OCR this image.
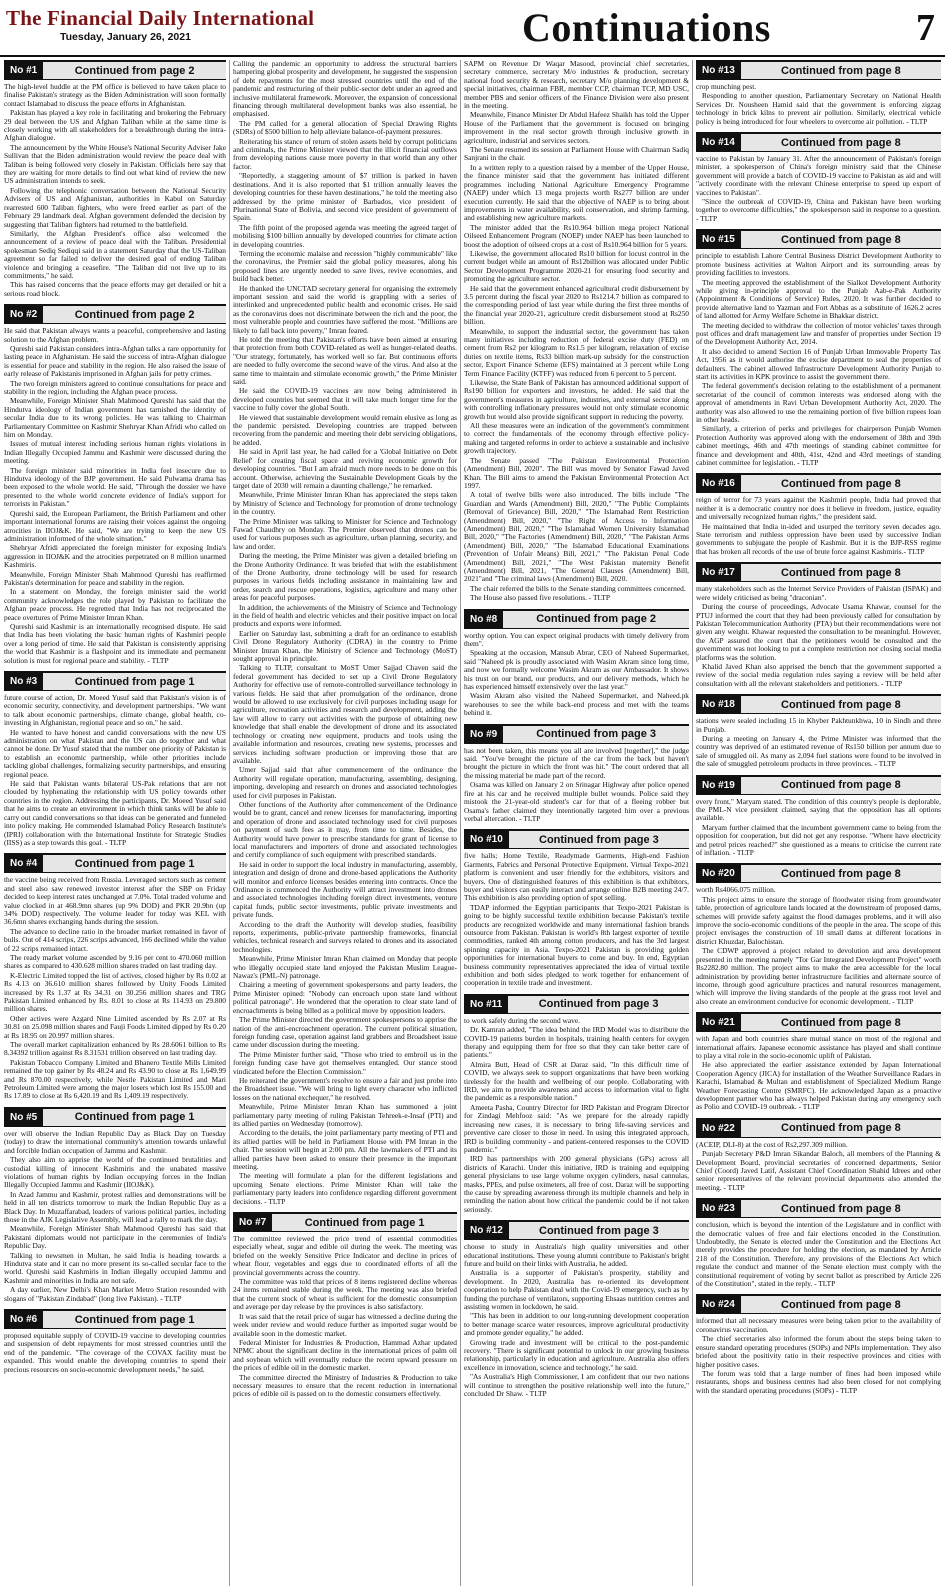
The Financial Daily International
Tuesday, January 26, 2021	Continuations	7
No #1	Continued from page 2

The high-level huddle at the PM office is believed to have taken place to finalise Pakistan's strategy as the Biden Administration will soon formally contact Islamabad to discuss the peace efforts in Afghanistan.

Pakistan has played a key role in facilitating and brokering the February 29 deal between the US and Afghan Taliban while at the same time is closely working with all stakeholders for a breakthrough during the intra-Afghan dialogue.

The announcement by the White House's National Security Adviser Jake Sullivan that the Biden administration would review the peace deal with Taliban is being followed very closely in Pakistan. Officials here say that they are waiting for more details to find out what kind of review the new US administration intends to seek.

Following the telephonic conversation between the National Security Advisers of US and Afghanistan, authorities in Kabul on Saturday rearrested 600 Taliban fighters, who were freed earlier as part of the February 29 landmark deal. Afghan government defended the decision by suggesting that Taliban fighters had returned to the battlefield.

Similarly, the Afghan President's office also welcomed the announcement of a review of peace deal with the Taliban. Presidential spokesman Sediq Sediqqi said in a statement Saturday that the US-Taliban agreement so far failed to deliver the desired goal of ending Taliban violence and bringing a ceasefire. "The Taliban did not live up to its commitments," he said.

This has raised concerns that the peace efforts may get derailed or hit a serious road block.

No #2	Continued from page 2

He said that Pakistan always wants a peaceful, comprehensive and lasting solution to the Afghan problem.

Qureshi said Pakistan considers intra-Afghan talks a rare opportunity for lasting peace in Afghanistan. He said the success of intra-Afghan dialogue is essential for peace and stability in the region. He also raised the issue of early release of Pakistanis imprisoned in Afghan jails for petty crimes.

The two foreign ministers agreed to continue consultations for peace and stability in the region, including the Afghan peace process.

Meanwhile, Foreign Minister Shah Mahmood Qureshi has said that the Hindutva ideology of Indian government has tarnished the identity of secular India due to its wrong policies. He was talking to Chairman Parliamentary Committee on Kashmir Shehryar Khan Afridi who called on him on Monday.

Issues of mutual interest including serious human rights violations in Indian Illegally Occupied Jammu and Kashmir were discussed during the meeting.

The foreign minister said minorities in India feel insecure due to Hindutva ideology of the BJP government. He said Pulwama drama has been exposed to the whole world. He said, "Through the dossier we have presented to the whole world concrete evidence of India's support for terrorists in Pakistan."

Qureshi said, the European Parliament, the British Parliament and other important international forums are raising their voices against the ongoing atrocities in IIOJ&K. He said, "We are trying to keep the new US administration informed of the whole situation."

Shehryar Afridi appreciated the foreign minister for exposing India's aggression in IIOJ&K and the atrocities perpetrated on 8 million unarmed Kashmiris.

Meanwhile, Foreign Minister Shah Mahmood Qureshi has reaffirmed Pakistan's determination for peace and stability in the region.

In a statement on Monday, the foreign minister said the world community acknowledges the role played by Pakistan to facilitate the Afghan peace process. He regretted that India has not reciprocated the peace overtures of Prime Minister Imran Khan.

Qureshi said Kashmir is an internationally recognised dispute. He said that India has been violating the basic human rights of Kashmiri people over a long period of time. He said that Pakistan is consistently apprising the world that Kashmir is a flashpoint and its immediate and permanent solution is must for regional peace and stability. - TLTP

No #3	Continued from page 1

future course of action, Dr. Moeed Yusuf said that Pakistan's vision is of economic security, connectivity, and development partnerships. "We want to talk about economic partnerships, climate change, global health, co-investing in Afghanistan, regional peace and so on," he said.

He wanted to have honest and candid conversations with the new US administration on what Pakistan and the US can do together and what cannot be done. Dr Yusuf stated that the number one priority of Pakistan is to establish an economic partnership, while other priorities include tackling global challenges, formalizing security partnerships, and ensuring regional peace.

He said that Pakistan wants bilateral US-Pak relations that are not clouded by hyphenating the relationship with US policy towards other countries in the region. Addressing the participants, Dr. Moeed Yusuf said that he aims to create an environment in which think tanks will be able to carry out candid conversations so that ideas can be generated and funneled into policy making. He commended Islamabad Policy Research Institute's (IPRI) collaboration with the International Institute for Strategic Studies (IISS) as a step towards this goal. - TLTP

No #4	Continued from page 1

the vaccine being received from Russia. Leveraged sectors such as cement and steel also saw renewed investor interest after the SBP on Friday decided to keep interest rates unchanged at 7.0%. Total traded volume and value clocked in at 468.9mn shares (up 9% DOD) and PKR 20.9bn (up 34% DOD) respectively. The volume leader for today was KEL with 36.6mn shares exchanging hands during the session.

The advance to decline ratio in the broader market remained in favor of bulls. Out of 414 scrips, 226 scrips advanced, 166 declined while the value of 22 scrips remained intact.

The ready market volume ascended by 9.16 per cent to 470.060 million shares as compared to 430.628 million shares traded on last trading day.

K-Electric Limited topped the list of actives, closed higher by Rs 0.02 at Rs 4.13 on 36.610 million shares followed by Unity Foods Limited increased by Rs 1.37 at Rs 34.31 on 30.256 million shares and TRG Pakistan Limited enhanced by Rs. 8.01 to close at Rs 114.93 on 29.800 million shares.

Other actives were Azgard Nine Limited ascended by Rs 2.07 at Rs 30.81 on 25.098 million shares and Fauji Foods Limited dipped by Rs 0.20 at Rs 18.95 on 20.997 million shares.

The overall market capitalization enhanced by Rs 28.6061 billion to Rs 8.34392 trillion against Rs 8.31531 trillion observed on last trading day.

Pakistan Tobacco Company Limited and Bhanero Textile Mills Limited remained the top gainer by Rs 48.24 and Rs 43.90 to close at Rs 1,649.99 and Rs 870.00 respectively, while Nestle Pakistan Limited and Mari Petroleum Limited were among the major losers which lost Rs 155.00 and Rs 17.89 to close at Rs 6,420.19 and Rs 1,409.19 respectively.

No #5	Continued from page 1

over will observe the Indian Republic Day as Black Day on Tuesday (today) to draw the international community's attention towards unlawful and forcible Indian occupation of Jammu and Kashmir.

They also aim to apprise the world of the continued brutalities and custodial killing of innocent Kashmiris and the unabated massive violations of human rights by Indian occupying forces in the Indian Illegally Occupied Jammu and Kashmir (IIOJ&K).

In Azad Jammu and Kashmir, protest rallies and demonstrations will be held in all ten districts tomorrow to mark the Indian Republic Day as a Black Day. In Muzaffarabad, leaders of various political parties, including those in the AJK Legislative Assembly, will lead a rally to mark the day.

Meanwhile, Foreign Minister Shah Mahmood Qureshi has said that Pakistani diplomats would not participate in the ceremonies of India's Republic Day.

Talking to newsmen in Multan, he said India is heading towards a Hindutva state and it can no more present its so-called secular face to the world. Qureshi said Kashmiris in Indian illegally occupied Jammu and Kashmir and minorities in India are not safe.

A day earlier, New Delhi's Khan Market Metro Station resounded with slogans of "Pakistan Zindabad" (long live Pakistan). - TLTP

No #6	Continued from page 1

proposed equitable supply of COVID-19 vaccine to developing countries and suspension of debt repayments for most stressed countries until the end of the pandemic. "The coverage of the COVAX facility must be expanded. This would enable the developing countries to spend their precious resources on socio-economic development needs," he said.

Calling the pandemic an opportunity to address the structural barriers hampering global prosperity and development, he suggested the suspension of debt repayments for the most stressed countries until the end of the pandemic and restructuring of their public-sector debt under an agreed and inclusive multilateral framework. Moreover, the expansion of concessional financing through multilateral development banks was also essential, he emphasised.

The PM called for a general allocation of Special Drawing Rights (SDRs) of $500 billion to help alleviate balance-of-payment pressures.

Reiterating his stance of return of stolen assets held by corrupt politicians and criminals, the Prime Minister viewed that the illicit financial outflows from developing nations cause more poverty in that world than any other factor.

"Reportedly, a staggering amount of $7 trillion is parked in haven destinations. And it is also reported that $1 trillion annually leaves the developing countries for these haven destinations," he told the meeting also addressed by the prime minister of Barbados, vice president of Plurinational State of Bolivia, and second vice president of government of Spain.

The fifth point of the proposed agenda was meeting the agreed target of mobilising $100 billion annually by developed countries for climate action in developing countries.

Terming the economic malaise and recession "highly communicable" like the coronavirus, the Premier said the global policy measures, along his proposed lines are urgently needed to save lives, revive economies, and build back better.

He thanked the UNCTAD secretary general for organising the extremely important session and said the world is grappling with a series of interlinked and unprecedented public health and economic crises. He said as the coronavirus does not discriminate between the rich and the poor, the most vulnerable people and countries have suffered the most. "Millions are likely to fall back into poverty," Imran feared.

He told the meeting that Pakistan's efforts have been aimed at ensuring that protection from both COVID-related as well as hunger-related deaths. "Our strategy, fortunately, has worked well so far. But continuous efforts are needed to fully overcome the second wave of the virus. And also at the same time to maintain and stimulate economic growth," the Prime Minister said.

He said the COVID-19 vaccines are now being administered in developed countries but seemed that it will take much longer time for the vaccine to fully cover the global South.

He viewed that sustainable development would remain elusive as long as the pandemic persisted. Developing countries are trapped between recovering from the pandemic and meeting their debt servicing obligations, he added.

He said in April last year, he had called for a 'Global Initiative on Debt Relief' for creating fiscal space and reviving economic growth for developing countries. "But I am afraid much more needs to be done on this account. Otherwise, achieving the Sustainable Development Goals by the target date of 2030 will remain a daunting challenge," he remarked.

Meanwhile, Prime Minister Imran Khan has appreciated the steps taken by Ministry of Science and Technology for promotion of drone technology in the country.

The Prime Minister was talking to Minister for Science and Technology Fawad Chaudhry on Monday. The Premier observed that drones can be used for various purposes such as agriculture, urban planning, security, and law and order.

During the meeting, the Prime Minister was given a detailed briefing on the Drone Authority Ordinance. It was briefed that with the establishment of the Drone Authority, drone technology will be used for research purposes in various fields including assistance in maintaining law and order, search and rescue operations, logistics, agriculture and many other areas for peaceful purposes.

In addition, the achievements of the Ministry of Science and Technology in the field of health and electric vehicles and their positive impact on local products and exports were informed.

Earlier on Saturday last, submitting a draft for an ordinance to establish Civil Drone Regulatory Authority (CDRA) in the country to Prime Minister Imran Khan, the Ministry of Science and Technology (MoST) sought approval in principle.

Talking to TLTP, consultant to MoST Umer Sajjad Chaven said the federal government has decided to set up a Civil Drone Regulatory Authority for effective use of remote-controlled surveillance technology in various fields. He said that after promulgation of the ordinance, drone would be allowed to use exclusively for civil purposes including usage for agriculture, recreation activities and research and development, adding the law will allow to carry out activities with the purpose of obtaining new knowledge that shall enable the development of drone and its associated technology or creating new equipment, products and tools using the available information and resources, creating new systems, processes and services including software production or improving those that are available.

Umer Sajjad said that after commencement of the ordinance the Authority will regulate operation, manufacturing, assembling, designing, importing, developing and research on drones and associated technologies used for civil purposes in Pakistan.

Other functions of the Authority after commencement of the Ordinance would be to grant, cancel and renew licenses for manufacturing, importing and operation of drone and associated technology used for civil purposes on payment of such fees as it may, from time to time. Besides, the Authority would have power to prescribe standards for grant of license to local manufacturers and importers of drone and associated technologies and certify compliance of such equipment with prescribed standards.

He said in order to support the local industry in manufacturing, assembly, integration and design of drone and drone-based applications the Authority will monitor and enforce licenses besides entering into contracts. Once the Ordinance is commenced the Authority will attract investment into drones and associated technologies including foreign direct investments, venture capital funds, public sector investments, public private investments and private funds.

According to the draft the Authority will develop studies, feasibility reports, experiments, public-private partnership frameworks, financial vehicles, technical research and surveys related to drones and its associated technologies.

Meanwhile, Prime Minister Imran Khan claimed on Monday that people who illegally occupied state land enjoyed the Pakistan Muslim League-Nawaz's (PML-N) patronage.

Chairing a meeting of government spokespersons and party leaders, the Prime Minister opined: "Nobody can encroach upon state land without political patronage". He wondered that the operation to clear state land of encroachments is being billed as a political move by opposition leaders.

The Prime Minister directed the government spokespersons to apprise the nation of the anti-encroachment operation. The current political situation, foreign funding case, operation against land grabbers and Broadsheet issue came under discussion during the meeting.

The Prime Minister further said, "Those who tried to embroil us in the foreign funding case have got themselves entangled. Our stance stood vindicated before the Election Commission."

He reiterated the government's resolve to ensure a fair and just probe into the Broadsheet issue. "We will bring to light every character who inflicted losses on the national exchequer," he resolved.

Meanwhile, Prime Minister Imran Khan has summoned a joint parliamentary party meeting of ruling Pakistan Tehreek-e-Insaf (PTI) and its allied parties on Wednesday (tomorrow).

According to the details, the joint parliamentary party meeting of PTI and its allied parties will be held in Parliament House with PM Imran in the chair. The session will begin at 2:00 pm. All the lawmakers of PTI and its allied parties have been asked to ensure their presence in the important meeting.

The meeting will formulate a plan for the different legislations and upcoming Senate elections. Prime Minister Khan will take the parliamentary party leaders into confidence regarding different government decisions. - TLTP

No #7	Continued from page 1

The committee reviewed the price trend of essential commodities especially wheat, sugar and edible oil during the week. The meeting was briefed on the weekly Sensitive Price Indicator and decline in prices of wheat flour, vegetables and eggs due to coordinated efforts of all the provincial governments across the country.

The committee was told that prices of 8 items registered decline whereas 24 items remained stable during the week. The meeting was also briefed that the current stock of wheat is sufficient for the domestic consumption and average per day release by the provinces is also satisfactory.

It was said that the retail price of sugar has witnessed a decline during the week under review and would reduce further as imported sugar would be available soon in the domestic market.

Federal Minister for Industries & Production, Hammad Azhar updated NPMC about the significant decline in the international prices of palm oil and soybean which will eventually reduce the recent upward pressure on the prices of edible oil in the domestic market.

The committee directed the Ministry of Industries & Production to take necessary measures to ensure that the recent reduction in international prices of edible oil is passed on to the domestic consumers effectively.

SAPM on Revenue Dr Waqar Masood, provincial chief secretaries, secretary commerce, secretary M/o industries & production, secretary national food security & research, secretary M/o planning development & special initiatives, chairman FBR, member CCP, chairman TCP, MD USC, member PBS and senior officers of the Finance Division were also present in the meeting.

Meanwhile, Finance Minister Dr Abdul Hafeez Shaikh has told the Upper House of the Parliament that the government is focused on bringing improvement in the real sector growth through inclusive growth in agriculture, industrial and services sectors.

The Senate resumed its session at Parliament House with Chairman Sadiq Sanjrani in the chair.

In a written reply to a question raised by a member of the Upper House, the finance minister said that the government has initiated different programmes including National Agriculture Emergency Programme (NAEP) under which 13 mega projects worth Rs277 billion are under execution currently. He said that the objective of NAEP is to bring about improvements in water availability, soil conservation, and shrimp farming, and establishing new agriculture markets.

The minister added that the Rs10.964 billion mega project National Oilseed Enhancement Program (NOEP) under NAEP has been launched to boost the adoption of oilseed crops at a cost of Rs10.964 billion for 5 years.

Likewise, the government allocated Rs10 billion for locust control in the current budget while an amount of Rs12billion was allocated under Public Sector Development Programme 2020-21 for ensuring food security and promoting the agriculture sector.

He said that the government enhanced agricultural credit disbursement by 3.5 percent during the fiscal year 2020 to Rs1214.7 billion as compared to the corresponding period of last year while during the first three months of the financial year 2020-21, agriculture credit disbursement stood at Rs250 billion.

Meanwhile, to support the industrial sector, the government has taken many initiatives including reduction of federal excise duty (FED) on cement from Rs2 per kilogram to Rs1.5 per kilogram, relaxation of excise duties on textile items, Rs33 billion mark-up subsidy for the construction sector, Export Finance Scheme (EFS) maintained at 3 percent while Long Term Finance Facility (KTFF) was reduced from 6 percent to 5 percent.

Likewise, the State Bank of Pakistan has announced additional support of Rs190 billion for exporters and investors, he added. He said that the government's measures in agriculture, industries, and external sector along with controlling inflationary pressures would not only stimulate economic growth but would also provide significant support in reducing the poverty.

All these measures were an indication of the government's commitment to correct the fundamentals of the economy through effective policy-making and targeted reforms in order to achieve a sustainable and inclusive growth trajectory.

The Senate passed "The Pakistan Environmental Protection (Amendment) Bill, 2020". The Bill was moved by Senator Fawad Javed Khan. The Bill aims to amend the Pakistan Environmental Protection Act 1997.

A total of twelve bills were also introduced. The bills include "The Guardian and Wards (Amendment) Bill, 2020," "The Public Complaints (Removal of Grievance) Bill, 2020," "The Islamabad Rent Restriction (Amendment) Bill, 2020," "The Right of Access to Information (Amendment) Bill, 2020," "The Islamabad Women University Islamabad Bill, 2020," "The Factories (Amendment) Bill, 2020," "The Pakistan Arms (Amendment) Bill, 2020," "The Islamabad Educational Examinations (Prevention of Unfair Means) Bill, 2021," "The Pakistan Penal Code (Amendment) Bill, 2021," "The West Pakistan maternity Benefit (Amendment) Bill, 2021, "The General Clauses (Amendment) Bill, 2021"and "The criminal laws (Amendment) Bill, 2020.

The chair referred the bills to the Senate standing committees concerned.

The House also passed five resolutions. - TLTP

No #8	Continued from page 2

worthy option. You can expect original products with timely delivery from them".

Speaking at the occasion, Mansub Abrar, CEO of Naheed Supermarket, said "Naheed pk is proudly associated with Wasim Akram since long time, and now we formally welcome Wasim Akram as our Ambassador. It shows his trust on our brand, our products, and our delivery methods, which he has experienced himself extensively over the last year."

Wasim Akram also visited the Naheed Supermarket, and Naheed.pk warehouses to see the while back-end process and met with the teams behind it.

No #9	Continued from page 3

has not been taken, this means you all are involved [together]," the judge said. "You've brought the picture of the car from the back but haven't brought the picture in which the front was hit." The court ordered that all the missing material be made part of the record.

Osama was killed on January 2 on Srinagar Highway after police opened fire at his car and he received multiple bullet wounds. Police said they mistook the 21-year-old student's car for that of a fleeing robber but Osama's father claimed they intentionally targeted him over a previous verbal altercation. - TLTP

No #10	Continued from page 3

five halls; Home Textile, Readymade Garments, High-end Fashion Garments, Fabrics and Personal Protective Equipment. Virtual Texpo-2021 platform is convenient and user friendly for the exhibitors, visitors and buyers. One of distinguished features of this exhibition is that exhibitors, buyer and visitors can easily interact and arrange online B2B meeting 24/7. This exhibition is also providing option of spot selling.

TDAP informed the Egyptian participants that Texpo-2021 Pakistan is going to be highly successful textile exhibition because Pakistan's textile products are recognized worldwide and many international fashion brands outsource from Pakistan. Pakistan is world's 8th largest exporter of textile commodities, ranked 4th among cotton producers, and has the 3rd largest spinning capacity in Asia. Texpo-2021 Pakistan is providing golden opportunities for international buyers to come and buy. In end, Egyptian business community representatives appreciated the idea of virtual textile exhibition and both sides pledged to work together for enhancement of cooperation in textile trade and investment.

No #11	Continued from page 3

to work safely during the second wave.

Dr. Kamran added, "The idea behind the IRD Model was to distribute the COVID-19 patients burden in hospitals, training health centers for oxygen therapy and equipping them for free so that they can take better care of patients."

Almira Butt, Head of CSR at Daraz said, "In this difficult time of COVID, we always seek to support organizations that have been working tirelessly for the health and wellbeing of our people. Collaborating with IRD, we aim to provide awareness and access to information vital to fight the pandemic as a responsible nation."

Ameeta Pasha, Country Director for IRD Pakistan and Program Director for Zindagi Mehfooz said: "As we prepare for the already rapidly increasing new cases, it is necessary to bring life-saving services and preventive care closer to those in need. In using this integrated approach, IRD is building community - and patient-centered responses to the COVID pandemic."

IRD has partnerships with 200 general physicians (GPs) across all districts of Karachi. Under this initiative, IRD is training and equipping general physicians to use large volume oxygen cylinders, nasal cannulas, masks, PPEs, and pulse oximeters, all free of cost. Daraz will be supporting the cause by spreading awareness through its multiple channels and help in reminding the nation about how critical the pandemic could be if not taken seriously.

No #12	Continued from page 3

choose to study in Australia's high quality universities and other educational institutions. These young alumni contribute to Pakistan's bright future and build on their links with Australia, he added.

Australia is a supporter of Pakistan's prosperity, stability and development. In 2020, Australia has re-oriented its development cooperation to help Pakistan deal with the Covid-19 emergency, such as by funding the purchase of ventilators, supporting Ehsaas nutrition centres and assisting women in lockdown, he said.

"This has been in addition to our long-running development cooperation to better manage scarce water resources, improve agricultural productivity and promote gender equality," he added.

Growing trade and investment will be critical to the post-pandemic recovery. "There is significant potential to unlock in our growing business relationship, particularly in education and agriculture. Australia also offers excellence in innovation, science and technology," he said.

"As Australia's High Commissioner, I am confident that our two nations will continue to strengthen the positive relationship well into the future," concluded Dr Shaw. - TLTP

No #13	Continued from page 8

crop munching pest.

Responding to another question, Parliamentary Secretary on National Health Services Dr. Nousheen Hamid said that the government is enforcing zigzag technology in brick kilns to prevent air pollution. Similarly, electrical vehicle policy is being introduced for four wheelers to overcome air pollution. - TLTP

No #14	Continued from page 8

vaccine to Pakistan by January 31. After the announcement of Pakistan's foreign minister, a spokesperson of China's foreign ministry said that the Chinese government will provide a batch of COVID-19 vaccine to Pakistan as aid and will "actively coordinate with the relevant Chinese enterprise to speed up export of vaccines to Pakistan".

"Since the outbreak of COVID-19, China and Pakistan have been working together to overcome difficulties," the spokesperson said in response to a question. - TLTP

No #15	Continued from page 8

principle to establish Lahore Central Business District Development Authority to promote business activities at Walton Airport and its surrounding areas by providing facilities to investors.

The meeting approved the establishment of the Sialkot Development Authority while giving in-principle approval to the Punjab Aab-e-Pak Authority (Appointment & Conditions of Service) Rules, 2020. It was further decided to provide alternative land to Yazman and Fort Abbas as a substitute of 1626.2 acres of land allotted for Army Welfare Scheme in Bhakkar district.

The meeting decided to withdraw the collection of motor vehicles' taxes through post offices and draft management law and transfer of properties under Section 19 of the Development Authority Act, 2014.

It also decided to amend Section 16 of Punjab Urban Immovable Property Tax Act, 1956 as it would authorise the excise department to seal the properties of defaulters. The cabinet allowed Infrastructure Development Authority Punjab to start its activities in KPK province to assist the government there.

The federal government's decision relating to the establishment of a permanent secretariat of the council of common interests was endorsed along with the approval of amendments in Ravi Urban Development Authority Act, 2020. The authority was also allowed to use the remaining portion of five billion rupees loan in other heads.

Similarly, a criterion of perks and privileges for chairperson Punjab Women Protection Authority was approved along with the endorsement of 38th and 39th cabinet meetings, 46th and 47th meetings of standing cabinet committee for finance and development and 40th, 41st, 42nd and 43rd meetings of standing cabinet committee for legislation. - TLTP

No #16	Continued from page 8

reign of terror for 73 years against the Kashmiri people, India had proved that neither it is a democratic country nor does it believe in freedom, justice, equality and universally recognized human rights," the president said.

He maintained that India in-ided and usurped the territory seven decades ago. State terrorism and ruthless oppression have been used by successive Indian governments to subjugate the people of Kashmir. But it is the BJP-RSS regime that has broken all records of the use of brute force against Kashmiris.- TLTP

No #17	Continued from page 8

many stakeholders such as the Internet Service Providers of Pakistan (ISPAK) and were widely criticised as being "draconian".

During the course of proceedings, Advocate Usama Khawar, counsel for the PTUJ informed the court that they had been previously called for consultation by Pakistan Telecommunication Authority (PTA) but their recommendations were not given any weight. Khawar requested the consultation to be meaningful. However, the AGP assured the court that the petitioners would be consulted and the government was not looking to put a complete restriction nor closing social media platforms was the solution.

Khalid Javed Khan also apprised the bench that the government supported a review of the social media regulation rules saying a review will be held after consultation with all the relevant stakeholders and petitioners. - TLTP

No #18	Continued from page 8

stations were sealed including 15 in Khyber Pakhtunkhwa, 10 in Sindh and three in Punjab.

During a meeting on January 4, the Prime Minister was informed that the country was deprived of an estimated revenue of Rs150 billion per annum due to sale of smuggled oil. As many as 2,094 fuel stations were found to be involved in the sale of smuggled petroleum products in three provinces. - TLTP

No #19	Continued from page 8

every front," Maryam stated. The condition of this country's people is deplorable, the PML-N vice president claimed, saying that the opposition has all options available.

Maryam further claimed that the incumbent government came to being from the opposition for cooperation, but did not get any response. "Where have electricity and petrol prices reached?" she questioned as a means to criticise the current rate of inflation. - TLTP

No #20	Continued from page 8

worth Rs4066.075 million.

This project aims to ensure the storage of floodwater rising from groundwater table, protection of agriculture lands located at the downstream of proposed dams, schemes will provide safety against the flood damages problems, and it will also improve the socio-economic conditions of the people in the area. The scope of this project envisages the construction of 10 small dams at different locations in district Khuzdar, Balochistan.

The CDWP approved a project related to devolution and area development presented in the meeting namely "Tor Gar Integrated Development Project" worth Rs2282.80 million. The project aims to make the area accessible for the local administration by providing better infrastructure facilities and alternate source of income, through good agriculture practices and natural resources management, which will improve the living standards of the people at the grass root level and also create an environment conducive for economic development. - TLTP

No #21	Continued from page 8

with Japan and both countries share mutual stance on most of the regional and international affairs. Japanese economic assistance has played and shall continue to play a vital role in the socio-economic uplift of Pakistan.

He also appreciated the earlier assistance extended by Japan International Cooperation Agency (JICA) for installation of the Weather Surveillance Radars in Karachi, Islamabad & Multan and establishment of Specialized Medium Range Weather Forecasting Centre (SMRFC). He acknowledged Japan as a proactive development partner who has always helped Pakistan during any emergency such as Polio and COVID-19 outbreak. - TLTP

No #22	Continued from page 8

(ACEIP, DLI-8) at the cost of Rs2,297.309 million.

Punjab Secretary P&D Imran Sikandar Baloch, all members of the Planning & Development Board, provincial secretaries of concerned departments, Senior Chief (Coord) Javed Latif, Assistant Chief Coordination Shahid Idrees and other senior representatives of the relevant provincial departments also attended the meeting. - TLTP

No #23	Continued from page 8

conclusion, which is beyond the intention of the Legislature and in conflict with the democratic values of free and fair elections encoded in the Constitution. Undoubtedly, the Senate is elected under the Constitution and the Elections Act merely provides the procedure for holding the election, as mandated by Article 218 of the Constitution. Therefore, any provisions of the Elections Act which regulate the conduct and manner of the Senate election must comply with the constitutional requirement of voting by secret ballot as prescribed by Article 226 of the Constitution", stated in the reply. - TLTP

No #24	Continued from page 8

informed that all necessary measures were being taken prior to the availability of coronavirus vaccination.

The chief secretaries also informed the forum about the steps being taken to ensure standard operating procedures (SOPs) and NPIs implementation. They also briefed about the positivity ratio in their respective provinces and cities with higher positive cases.

The forum was told that a large number of fines had been imposed while restaurants, shops and business centres had also been closed for not complying with the standard operating procedures (SOPs) - TLTP
